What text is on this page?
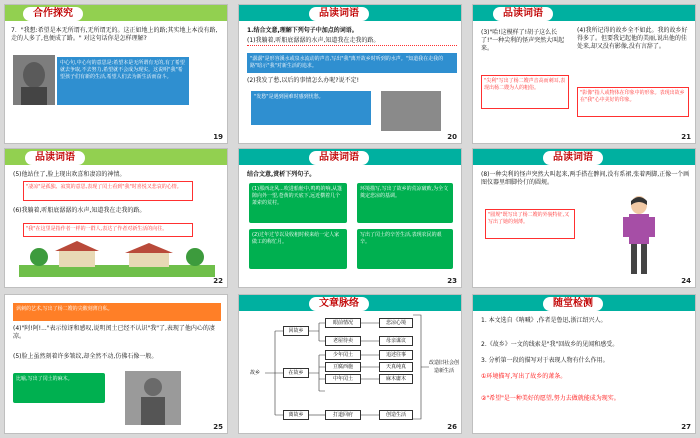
合作探究
7．"我想:希望是本无所谓有,无所谓无的。这正如地上的路;其实地上本没有路,走的人多了,也便成了路。" 对这句话你是怎样理解?
中心句,中心句的意思是:希望本是无所谓有无的,有了希望就去争取,不去努力,希望就不会成为现实。这说明"我"希望孩子们有新的生活,希望人们去为新生活而奋斗。
19
品读词语
1.结合文意,理解下列句子中加点的词语。
(1)我躺着,听船底潺潺的水声,知道我在走我的路。
"潺潺"是形容溪水或泉水流动的声音,写出"我"离开故乡时听到的水声。"知道我在走我的路"暗示"我"对新生活的追求。
(2)我发了愁,以后的事情怎么办呢?说不定!
"发愁"是遇到困难时感到忧愁。
20
品读词语
(3)"哈!这模样了!胡子这么长了!"一种尖利的怪声突然大叫起来。
"尖利"写出了杨二嫂声音高而刺耳,表现出杨二嫂为人的粗俗。
(4)我所记得的故乡全不如此。我的故乡好得多了。但要我记起他的美丽,说出他的佳处来,却又没有影像,没有言辞了。
"影像"指人或物体在印象中的形象。表现出故乡在"我"心中美好的印象。
21
品读词语
(5)他站住了,脸上现出欢喜和凄凉的神情。
"凄凉"是孤独、寂寞的意思,表现了闰土看到"我"时喜悦又悲哀的心情。
(6)我躺着,听船底潺潺的水声,知道我在走我的路。
"我"在这里是指作者一样的一群人,表达了作者对新生活的向往。
22
品读词语
结合文意,赏析下列句子。
(1)那西北风...吹进船舱中,鸣鸣的响,从篷隙向外一望,苍黄的天底下,远近横着几个萧索的荒村。
环境描写,写出了故乡的荒凉破败,为全文奠定悲凉的基调。
(2)过年过节以及收租时候来给一定人家做工的称忙月。
写出了闰土的辛苦生活,表现农民的艰辛。
23
品读词语
(8)一种尖利的怪声突然大叫起来,两手搭在髀间,没有系裙,张着两脚,正像一个画图仪器里细脚伶仃的圆规。
"圆规"既写出了杨二嫂的外貌特征,又写出了她的刻薄。
24
讽刺的艺术,写出了杨二嫂的尖酸刻薄自私。
(4)"阿!阿!..."表示惊讶和感叹,说明闰土已经不认识"我"了,表现了他内心的凄凉。
(5)脸上虽然刻着许多皱纹,却全然不动,仿佛石像一般。
比喻,写出了闰土的麻木。
25
文章脉络
故乡
回故乡
在故乡
离故乡
眼前情况
老屋待卖
少年闰土
豆腐西施
中年闰土
打道回府
悲凉心境
母亲谋议
追述往事
天真纯真
麻木庸木
创造生活
改造旧社会创造新生活
26
随堂检测
1. 本文选自《呐喊》,作者是鲁迅,浙江绍兴人。
2.《故乡》一文的线索是"我"回故乡的见闻和感受。
3. 分析第一段的描写对于表现人物有什么作用。
①环境描写,写出了故乡的萧条。
②"希望"是一种美好的愿望,努力去做就能成为现实。
27
